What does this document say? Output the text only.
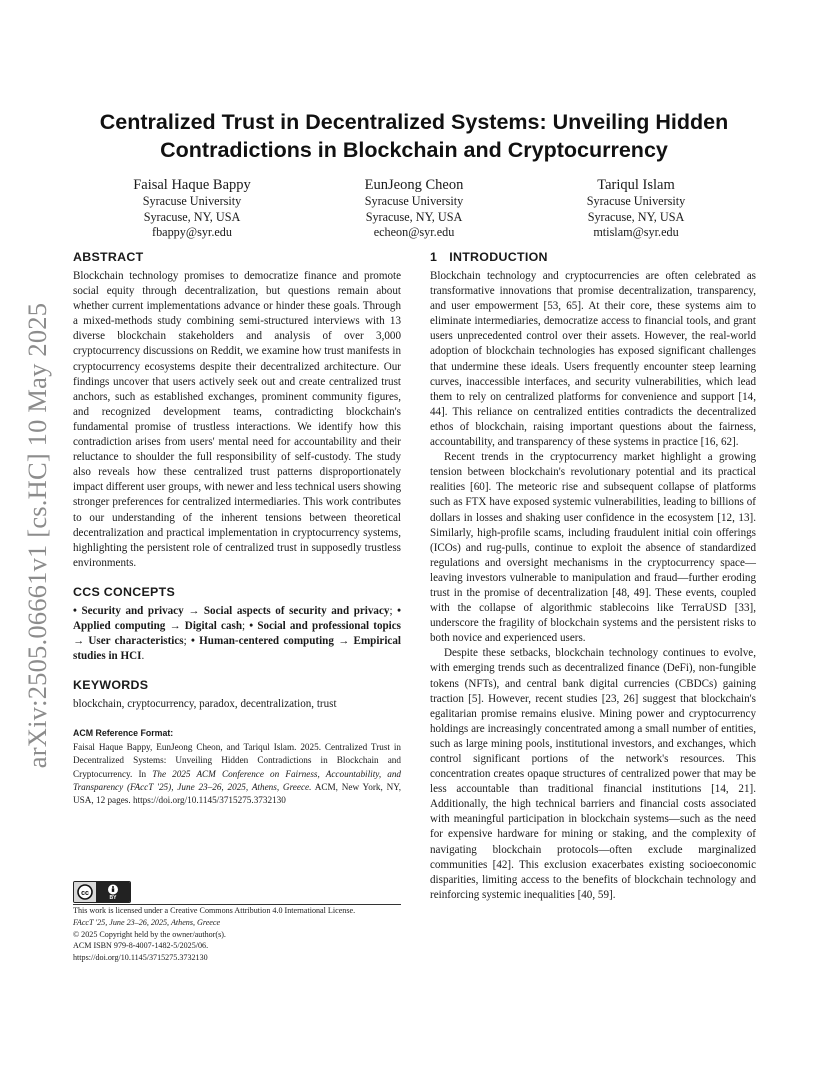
arXiv:2505.06661v1 [cs.HC] 10 May 2025
Centralized Trust in Decentralized Systems: Unveiling Hidden
Contradictions in Blockchain and Cryptocurrency
Faisal Haque Bappy
Syracuse University
Syracuse, NY, USA
fbappy@syr.edu
EunJeong Cheon
Syracuse University
Syracuse, NY, USA
echeon@syr.edu
Tariqul Islam
Syracuse University
Syracuse, NY, USA
mtislam@syr.edu
ABSTRACT

Blockchain technology promises to democratize finance and promote social equity through decentralization, but questions remain about whether current implementations advance or hinder these goals. Through a mixed-methods study combining semi-structured interviews with 13 diverse blockchain stakeholders and analysis of over 3,000 cryptocurrency discussions on Reddit, we examine how trust manifests in cryptocurrency ecosystems despite their decentralized architecture. Our findings uncover that users actively seek out and create centralized trust anchors, such as established exchanges, prominent community figures, and recognized development teams, contradicting blockchain's fundamental promise of trustless interactions. We identify how this contradiction arises from users' mental need for accountability and their reluctance to shoulder the full responsibility of self-custody. The study also reveals how these centralized trust patterns disproportionately impact different user groups, with newer and less technical users showing stronger preferences for centralized intermediaries. This work contributes to our understanding of the inherent tensions between theoretical decentralization and practical implementation in cryptocurrency systems, highlighting the persistent role of centralized trust in supposedly trustless environments.

CCS CONCEPTS

• Security and privacy → Social aspects of security and privacy; • Applied computing → Digital cash; • Social and professional topics → User characteristics; • Human-centered computing → Empirical studies in HCI.

KEYWORDS

blockchain, cryptocurrency, paradox, decentralization, trust

ACM Reference Format:

Faisal Haque Bappy, EunJeong Cheon, and Tariqul Islam. 2025. Centralized Trust in Decentralized Systems: Unveiling Hidden Contradictions in Blockchain and Cryptocurrency. In The 2025 ACM Conference on Fairness, Accountability, and Transparency (FAccT '25), June 23–26, 2025, Athens, Greece. ACM, New York, NY, USA, 12 pages. https://doi.org/10.1145/3715275.3732130

cc
BY
This work is licensed under a Creative Commons Attribution 4.0 International License.
FAccT '25, June 23–26, 2025, Athens, Greece
© 2025 Copyright held by the owner/author(s).
ACM ISBN 979-8-4007-1482-5/2025/06.
https://doi.org/10.1145/3715275.3732130
1 INTRODUCTION

Blockchain technology and cryptocurrencies are often celebrated as transformative innovations that promise decentralization, transparency, and user empowerment [53, 65]. At their core, these systems aim to eliminate intermediaries, democratize access to financial tools, and grant users unprecedented control over their assets. However, the real-world adoption of blockchain technologies has exposed significant challenges that undermine these ideals. Users frequently encounter steep learning curves, inaccessible interfaces, and security vulnerabilities, which lead them to rely on centralized platforms for convenience and support [14, 44]. This reliance on centralized entities contradicts the decentralized ethos of blockchain, raising important questions about the fairness, accountability, and transparency of these systems in practice [16, 62].

Recent trends in the cryptocurrency market highlight a growing tension between blockchain's revolutionary potential and its practical realities [60]. The meteoric rise and subsequent collapse of platforms such as FTX have exposed systemic vulnerabilities, leading to billions of dollars in losses and shaking user confidence in the ecosystem [12, 13]. Similarly, high-profile scams, including fraudulent initial coin offerings (ICOs) and rug-pulls, continue to exploit the absence of standardized regulations and oversight mechanisms in the cryptocurrency space—leaving investors vulnerable to manipulation and fraud—further eroding trust in the promise of decentralization [48, 49]. These events, coupled with the collapse of algorithmic stablecoins like TerraUSD [33], underscore the fragility of blockchain systems and the persistent risks to both novice and experienced users.

Despite these setbacks, blockchain technology continues to evolve, with emerging trends such as decentralized finance (DeFi), non-fungible tokens (NFTs), and central bank digital currencies (CBDCs) gaining traction [5]. However, recent studies [23, 26] suggest that blockchain's egalitarian promise remains elusive. Mining power and cryptocurrency holdings are increasingly concentrated among a small number of entities, such as large mining pools, institutional investors, and exchanges, which control significant portions of the network's resources. This concentration creates opaque structures of centralized power that may be less accountable than traditional financial institutions [14, 21]. Additionally, the high technical barriers and financial costs associated with meaningful participation in blockchain systems—such as the need for expensive hardware for mining or staking, and the complexity of navigating blockchain protocols—often exclude marginalized communities [42]. This exclusion exacerbates existing socioeconomic disparities, limiting access to the benefits of blockchain technology and reinforcing systemic inequalities [40, 59].
